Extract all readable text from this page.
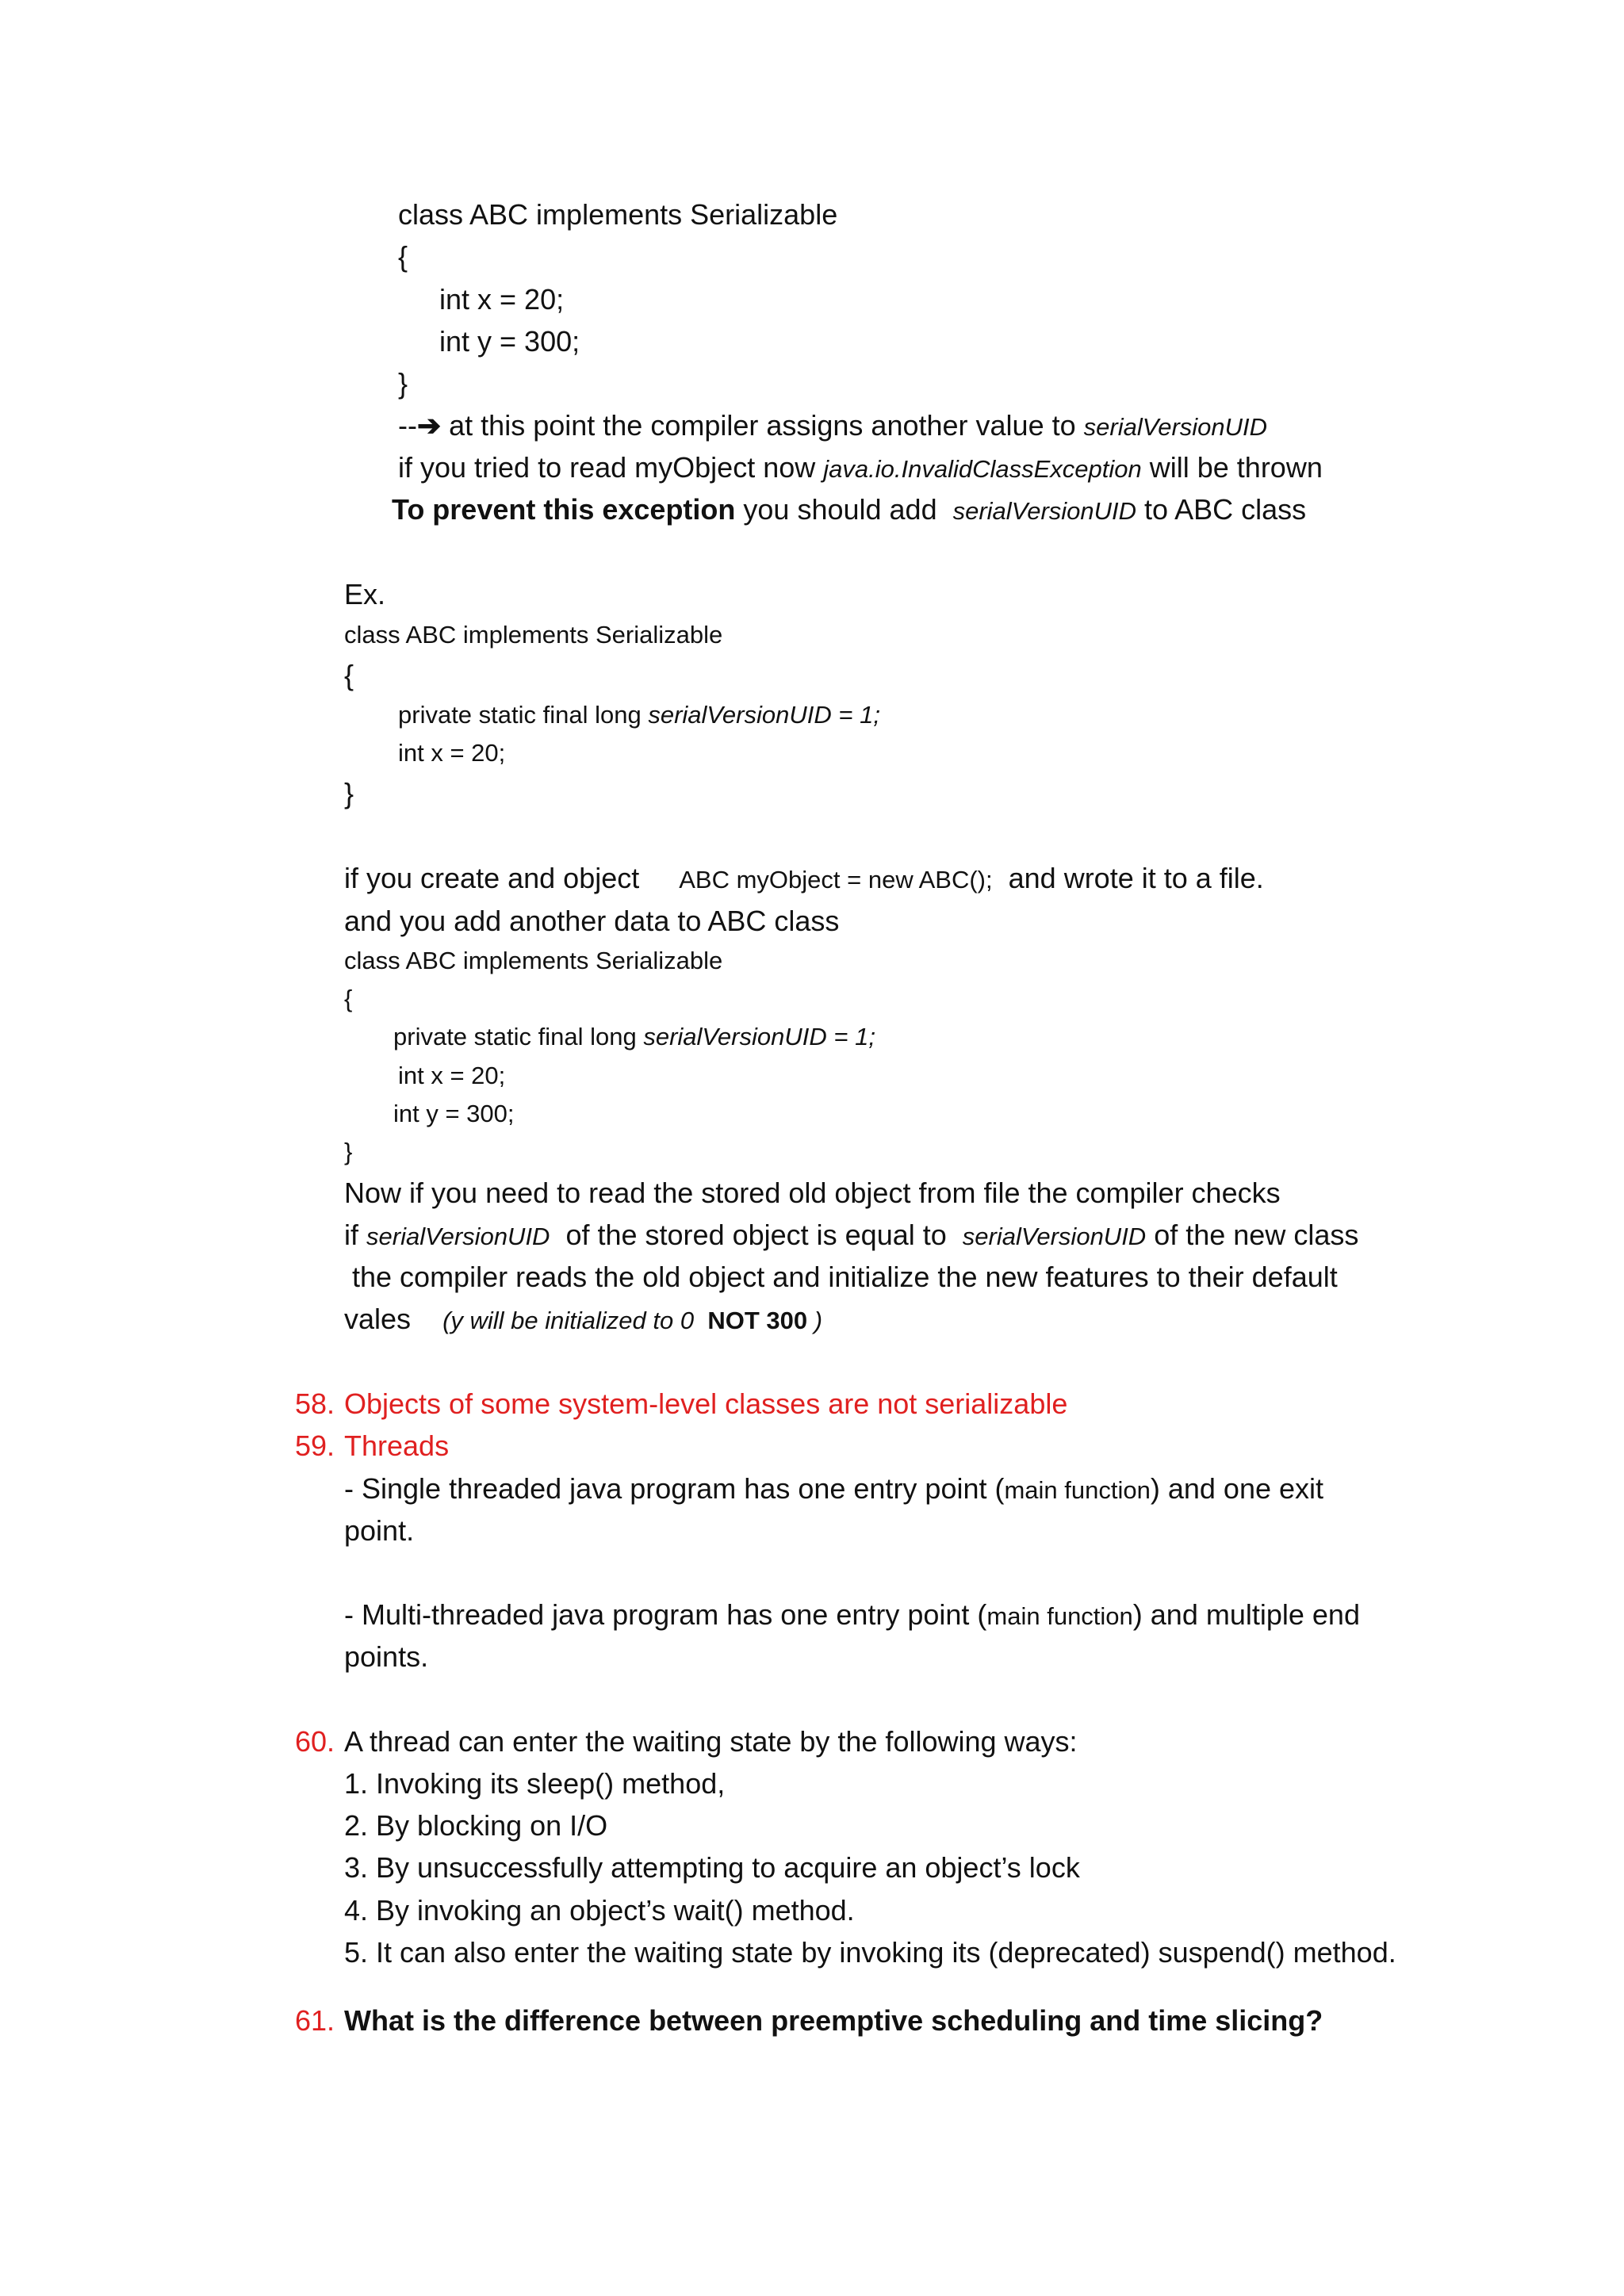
class ABC implements Serializable
{
int x = 20;
int y = 300;
}
--➔ at this point the compiler assigns another value to serialVersionUID
if you tried to read myObject now java.io.InvalidClassException will be thrown
To prevent this exception you should add  serialVersionUID to ABC class
Ex.
class ABC implements Serializable
{
private static final long serialVersionUID = 1;
int x = 20;
}
if you create and object     ABC myObject = new ABC();  and wrote it to a file.
and you add another data to ABC class
class ABC implements Serializable
{
private static final long serialVersionUID = 1;
int x = 20;
int y = 300;
}
Now if you need to read the stored old object from file the compiler checks
if serialVersionUID  of the stored object is equal to  serialVersionUID of the new class
the compiler reads the old object and initialize the new features to their default
vales    (y will be initialized to 0  NOT 300 )
58. Objects of some system-level classes are not serializable
59. Threads
- Single threaded java program has one entry point (main function) and one exit
point.
- Multi-threaded java program has one entry point (main function) and multiple end
points.
60. A thread can enter the waiting state by the following ways:
1. Invoking its sleep() method,
2. By blocking on I/O
3. By unsuccessfully attempting to acquire an object’s lock
4. By invoking an object’s wait() method.
5. It can also enter the waiting state by invoking its (deprecated) suspend() method.
61. What is the difference between preemptive scheduling and time slicing?
